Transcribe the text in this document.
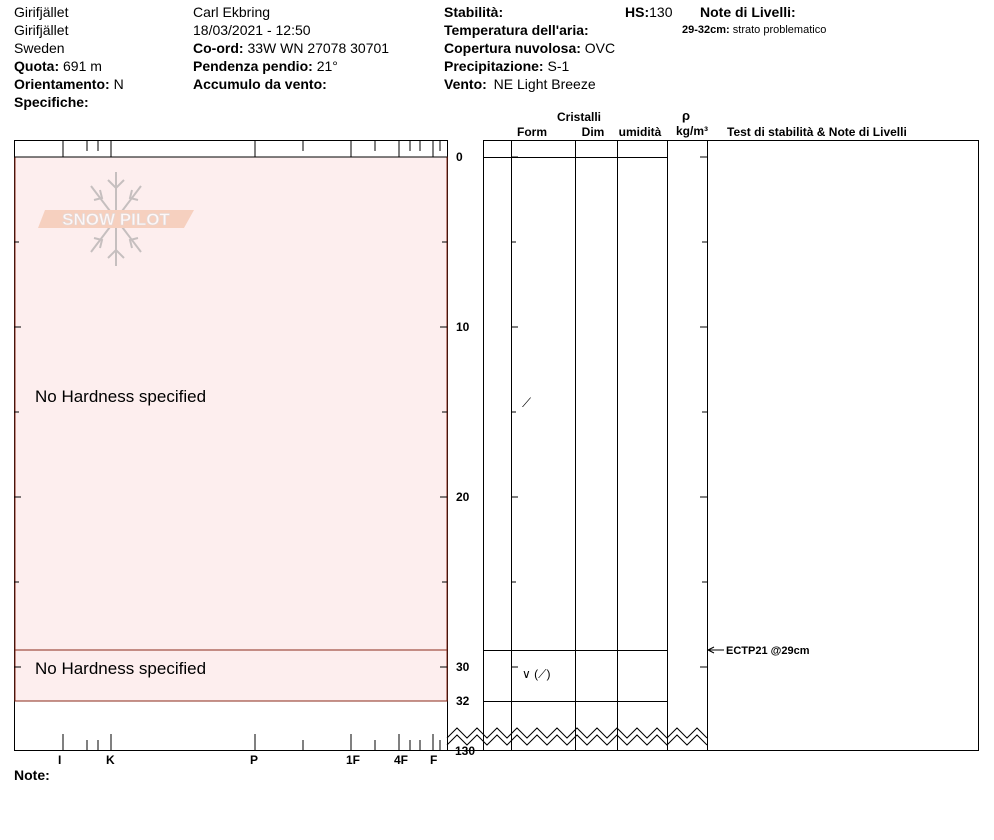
Girifjället
Girifjället
Sweden
Quota: 691 m
Orientamento: N
Specifiche:
Carl Ekbring
18/03/2021 - 12:50
Co-ord: 33W WN 27078 30701
Pendenza pendio: 21°
Accumulo da vento:
Stabilità:
Temperatura dell'aria:
Copertura nuvolosa: OVC
Precipitazione: S-1
Vento: NE Light Breeze
HS:130 Note di Livelli:
29-32cm: strato problematico
Cristalli
Form	Dim	umidità
ρ
kg/m³	Test di stabilità & Note di Livelli
SNOW PILOT
No Hardness specified
No Hardness specified
0
10
20
30
32
130
I	K	P	1F	4F F
⟋
∨ (⟋)
ECTP21 @29cm
Note:
